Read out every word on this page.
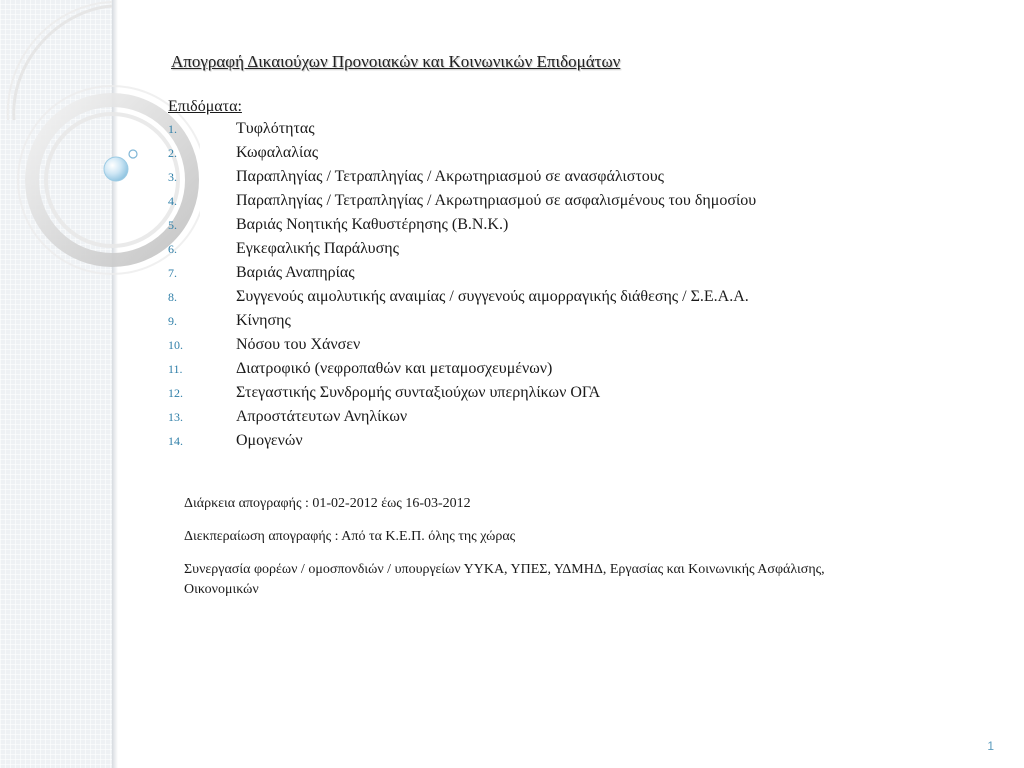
Απογραφή Δικαιούχων Προνοιακών και Κοινωνικών Επιδομάτων
Επιδόματα:
1.	Τυφλότητας
2.	Κωφαλαλίας
3.	Παραπληγίας / Τετραπληγίας / Ακρωτηριασμού σε ανασφάλιστους
4.	Παραπληγίας / Τετραπληγίας / Ακρωτηριασμού σε ασφαλισμένους του δημοσίου
5.	Βαριάς Νοητικής Καθυστέρησης (Β.Ν.Κ.)
6.	Εγκεφαλικής Παράλυσης
7.	Βαριάς Αναπηρίας
8.	Συγγενούς αιμολυτικής αναιμίας / συγγενούς αιμορραγικής διάθεσης / Σ.Ε.Α.Α.
9.	Κίνησης
10.	Νόσου του Χάνσεν
11.	Διατροφικό (νεφροπαθών και μεταμοσχευμένων)
12.	Στεγαστικής Συνδρομής συνταξιούχων υπερηλίκων ΟΓΑ
13.	Απροστάτευτων Ανηλίκων
14.	Ομογενών
Διάρκεια απογραφής : 01-02-2012 έως 16-03-2012
Διεκπεραίωση απογραφής : Από τα Κ.Ε.Π. όλης της χώρας
Συνεργασία φορέων / ομοσπονδιών / υπουργείων ΥΥΚΑ, ΥΠΕΣ, ΥΔΜΗΔ, Εργασίας και Κοινωνικής Ασφάλισης, Οικονομικών
1
